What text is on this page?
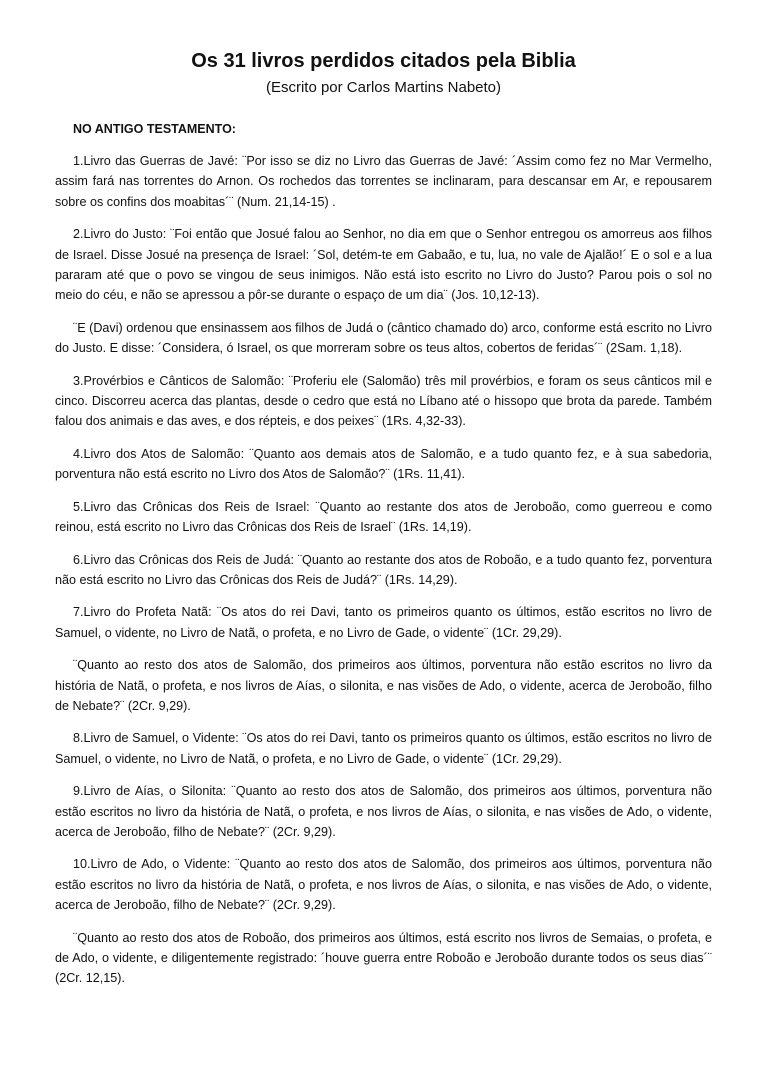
Os 31 livros perdidos citados pela Biblia
(Escrito por Carlos Martins Nabeto)
NO ANTIGO TESTAMENTO:

1.Livro das Guerras de Javé: ¨Por isso se diz no Livro das Guerras de Javé: ´Assim como fez no Mar Vermelho, assim fará nas torrentes do Arnon. Os rochedos das torrentes se inclinaram, para descansar em Ar, e repousarem sobre os confins dos moabitas´¨ (Num. 21,14-15) .

2.Livro do Justo: ¨Foi então que Josué falou ao Senhor, no dia em que o Senhor entregou os amorreus aos filhos de Israel. Disse Josué na presença de Israel: ´Sol, detém-te em Gabaão, e tu, lua, no vale de Ajalão!´ E o sol e a lua pararam até que o povo se vingou de seus inimigos. Não está isto escrito no Livro do Justo? Parou pois o sol no meio do céu, e não se apressou a pôr-se durante o espaço de um dia¨ (Jos. 10,12-13).

¨E (Davi) ordenou que ensinassem aos filhos de Judá o (cântico chamado do) arco, conforme está escrito no Livro do Justo. E disse: ´Considera, ó Israel, os que morreram sobre os teus altos, cobertos de feridas´¨ (2Sam. 1,18).

3.Provérbios e Cânticos de Salomão: ¨Proferiu ele (Salomão) três mil provérbios, e foram os seus cânticos mil e cinco. Discorreu acerca das plantas, desde o cedro que está no Líbano até o hissopo que brota da parede. Também falou dos animais e das aves, e dos répteis, e dos peixes¨ (1Rs. 4,32-33).

4.Livro dos Atos de Salomão: ¨Quanto aos demais atos de Salomão, e a tudo quanto fez, e à sua sabedoria, porventura não está escrito no Livro dos Atos de Salomão?¨ (1Rs. 11,41).

5.Livro das Crônicas dos Reis de Israel: ¨Quanto ao restante dos atos de Jeroboão, como guerreou e como reinou, está escrito no Livro das Crônicas dos Reis de Israel¨ (1Rs. 14,19).

6.Livro das Crônicas dos Reis de Judá: ¨Quanto ao restante dos atos de Roboão, e a tudo quanto fez, porventura não está escrito no Livro das Crônicas dos Reis de Judá?¨ (1Rs. 14,29).

7.Livro do Profeta Natã: ¨Os atos do rei Davi, tanto os primeiros quanto os últimos, estão escritos no livro de Samuel, o vidente, no Livro de Natã, o profeta, e no Livro de Gade, o vidente¨ (1Cr. 29,29).

¨Quanto ao resto dos atos de Salomão, dos primeiros aos últimos, porventura não estão escritos no livro da história de Natã, o profeta, e nos livros de Aías, o silonita, e nas visões de Ado, o vidente, acerca de Jeroboão, filho de Nebate?¨ (2Cr. 9,29).

8.Livro de Samuel, o Vidente: ¨Os atos do rei Davi, tanto os primeiros quanto os últimos, estão escritos no livro de Samuel, o vidente, no Livro de Natã, o profeta, e no Livro de Gade, o vidente¨ (1Cr. 29,29).

9.Livro de Aías, o Silonita: ¨Quanto ao resto dos atos de Salomão, dos primeiros aos últimos, porventura não estão escritos no livro da história de Natã, o profeta, e nos livros de Aías, o silonita, e nas visões de Ado, o vidente, acerca de Jeroboão, filho de Nebate?¨ (2Cr. 9,29).

10.Livro de Ado, o Vidente: ¨Quanto ao resto dos atos de Salomão, dos primeiros aos últimos, porventura não estão escritos no livro da história de Natã, o profeta, e nos livros de Aías, o silonita, e nas visões de Ado, o vidente, acerca de Jeroboão, filho de Nebate?¨ (2Cr. 9,29).

¨Quanto ao resto dos atos de Roboão, dos primeiros aos últimos, está escrito nos livros de Semaias, o profeta, e de Ado, o vidente, e diligentemente registrado: ´houve guerra entre Roboão e Jeroboão durante todos os seus dias´¨ (2Cr. 12,15).
